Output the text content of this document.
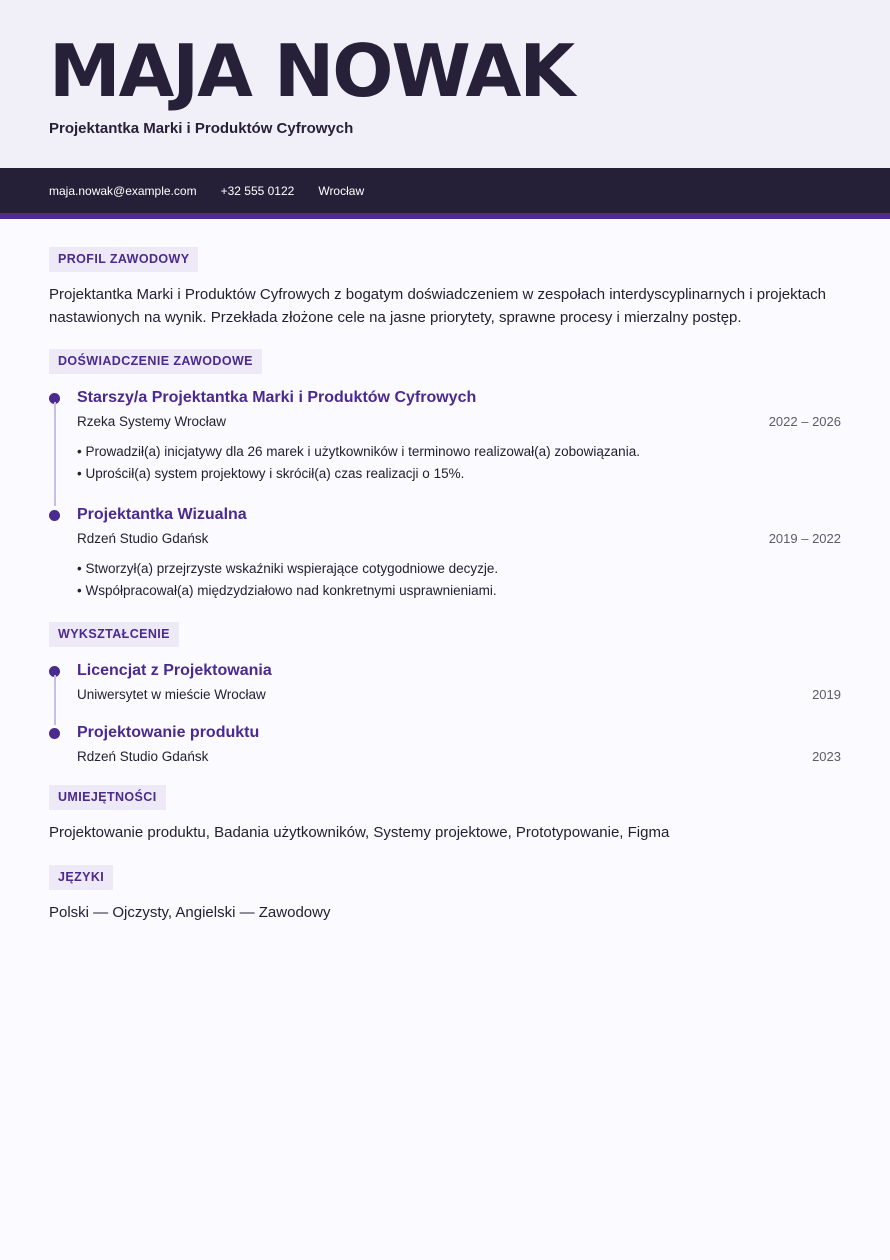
MAJA NOWAK
Projektantka Marki i Produktów Cyfrowych
maja.nowak@example.com +32 555 0122 Wrocław
PROFIL ZAWODOWY

Projektantka Marki i Produktów Cyfrowych z bogatym doświadczeniem w zespołach interdyscyplinarnych i projektach nastawionych na wynik. Przekłada złożone cele na jasne priorytety, sprawne procesy i mierzalny postęp.

DOŚWIADCZENIE ZAWODOWE
Starszy/a Projektantka Marki i Produktów Cyfrowych
Rzeka Systemy Wrocław	2022 – 2026
• Prowadził(a) inicjatywy dla 26 marek i użytkowników i terminowo realizował(a) zobowiązania.
• Uprościł(a) system projektowy i skrócił(a) czas realizacji o 15%.
Projektantka Wizualna
Rdzeń Studio Gdańsk	2019 – 2022
• Stworzył(a) przejrzyste wskaźniki wspierające cotygodniowe decyzje.
• Współpracował(a) międzydziałowo nad konkretnymi usprawnieniami.
WYKSZTAŁCENIE
Licencjat z Projektowania
Uniwersytet w mieście Wrocław	2019
Projektowanie produktu
Rdzeń Studio Gdańsk	2023
UMIEJĘTNOŚCI

Projektowanie produktu, Badania użytkowników, Systemy projektowe, Prototypowanie, Figma

JĘZYKI

Polski — Ojczysty, Angielski — Zawodowy
